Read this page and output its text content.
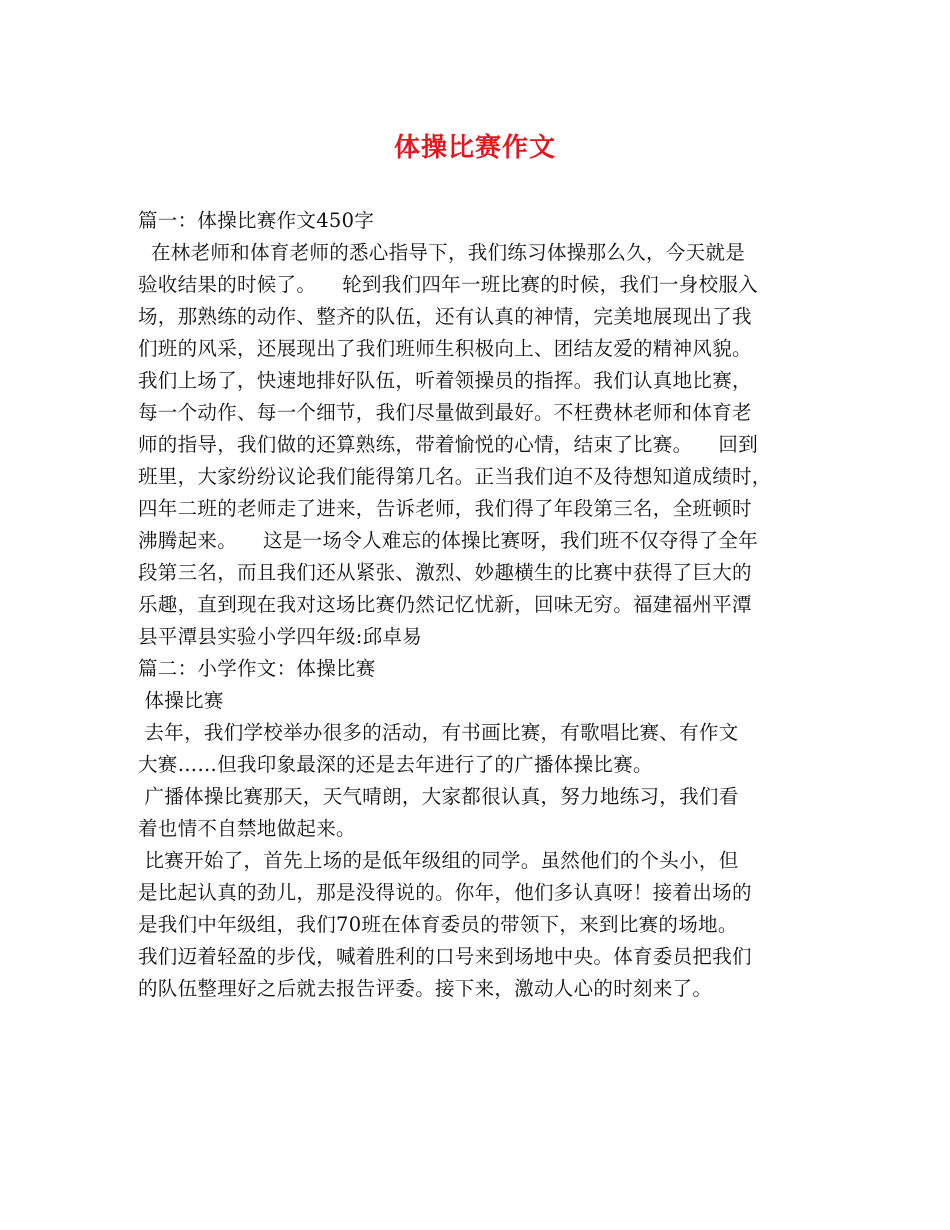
体操比赛作文
篇一：体操比赛作文450字
在林老师和体育老师的悉心指导下，我们练习体操那么久，今天就是
验收结果的时候了。    轮到我们四年一班比赛的时候，我们一身校服入
场，那熟练的动作、整齐的队伍，还有认真的神情，完美地展现出了我
们班的风采，还展现出了我们班师生积极向上、团结友爱的精神风貌。
我们上场了，快速地排好队伍，听着领操员的指挥。我们认真地比赛，
每一个动作、每一个细节，我们尽量做到最好。不枉费林老师和体育老
师的指导，我们做的还算熟练，带着愉悦的心情，结束了比赛。    回到
班里，大家纷纷议论我们能得第几名。正当我们迫不及待想知道成绩时，
四年二班的老师走了进来，告诉老师，我们得了年段第三名，全班顿时
沸腾起来。    这是一场令人难忘的体操比赛呀，我们班不仅夺得了全年
段第三名，而且我们还从紧张、激烈、妙趣横生的比赛中获得了巨大的
乐趣，直到现在我对这场比赛仍然记忆忧新，回味无穷。福建福州平潭
县平潭县实验小学四年级:邱卓易
篇二：小学作文：体操比赛
体操比赛
去年，我们学校举办很多的活动，有书画比赛，有歌唱比赛、有作文
大赛……但我印象最深的还是去年进行了的广播体操比赛。
广播体操比赛那天，天气晴朗，大家都很认真，努力地练习，我们看
着也情不自禁地做起来。
比赛开始了，首先上场的是低年级组的同学。虽然他们的个头小，但
是比起认真的劲儿，那是没得说的。你年，他们多认真呀！接着出场的
是我们中年级组，我们70班在体育委员的带领下，来到比赛的场地。
我们迈着轻盈的步伐，喊着胜利的口号来到场地中央。体育委员把我们
的队伍整理好之后就去报告评委。接下来，激动人心的时刻来了。
